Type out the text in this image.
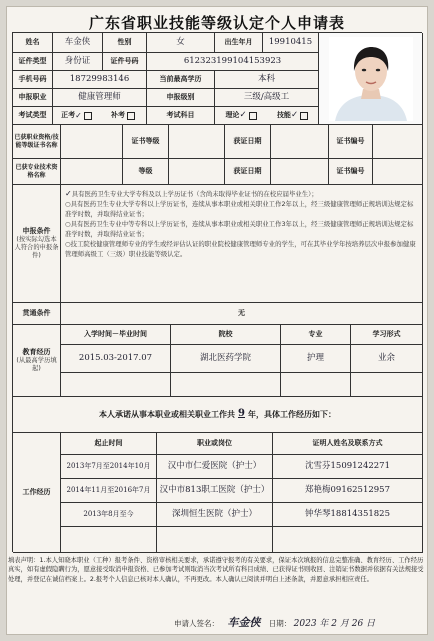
广东省职业技能等级认定个人申请表
姓名	车金侠	性别	女	出生年月	19910415
证件类型	身份证	证件号码	612323199104153923
手机号码	18729983146	当前最高学历	本科
申报职业	健康管理师	申报级别	三级/高级工
考试类型	正考 ✓	补考	考试科目	理论 ✓	技能 ✓
已获职业资格/技能等级证书名称	证书等级	获证日期	证书编号
已获专业技术资格名称	等级	获证日期	证书编号
申报条件
(按实际勾选本人符合的申报条件)

✓具有医药卫生专业大学专科及以上学历证书（含尚未取得毕业证书的在校应届毕业生）；

○具有医药卫生专业大学专科以上学历证书，连续从事本职业或相关职业工作2年以上，经三级健康管理师正规培训达规定标准学时数，并取得结业证书；

○具有医药卫生专业中等专科以上学历证书，连续从事本职业或相关职业工作3年以上，经三级健康管理师正规培训达规定标准学时数，并取得结业证书；

○技工院校健康管理师专业的学生或经评估认证的职业院校健康管理师专业的学生，可在其毕业学年按培养层次申报参加健康管理师高级工（三级）职业技能等级认定。

贯通条件	无
教育经历
(从最高学历填起)
入学时间－毕业时间	院校	专业	学习形式
2015.03-2017.07	湖北医药学院	护理	业余
本人承诺从事本职业或相关职业工作共 9 年，具体工作经历如下：
工作经历
起止时间	职业或岗位	证明人姓名及联系方式
2013年7月至2014年10月	汉中市仁爱医院（护士）	沈雪芬15091242271
2014年11月至2016年7月	汉中市813职工医院（护士）	郑艳梅09162512957
2013年8月至今	深圳恒生医院（护士）	钟华琴18814351825
填表声明：1.本人知晓本职业（工种）报考条件、资格审核相关要求，承诺遵守报考的有关要求，保证本次填报的信息完整准确、教育经历、工作经历真实，如有虚假隐瞒行为，愿意接受取消申报资格、已参加考试则取消当次考试所有科目成绩、已获得证书则收回、注销证书数据并依据有关法规接受处理，并登记在诚信档案上。2.报考个人信息已核对本人确认，不再更改。本人确认已阅读并明白上述条款，并愿意承担相应责任。
申请人签名： 车金侠 日期： 2023 年 2 月 26 日
